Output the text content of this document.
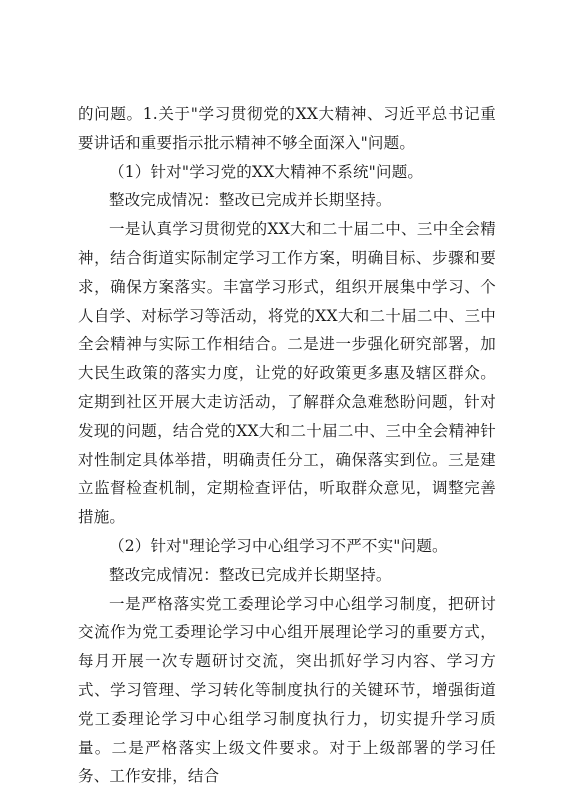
的问题。1.关于"学习贯彻党的XX大精神、习近平总书记重要讲话和重要指示批示精神不够全面深入"问题。

（1）针对"学习党的XX大精神不系统"问题。

整改完成情况：整改已完成并长期坚持。

一是认真学习贯彻党的XX大和二十届二中、三中全会精神，结合街道实际制定学习工作方案，明确目标、步骤和要求，确保方案落实。丰富学习形式，组织开展集中学习、个人自学、对标学习等活动，将党的XX大和二十届二中、三中全会精神与实际工作相结合。二是进一步强化研究部署，加大民生政策的落实力度，让党的好政策更多惠及辖区群众。定期到社区开展大走访活动，了解群众急难愁盼问题，针对发现的问题，结合党的XX大和二十届二中、三中全会精神针对性制定具体举措，明确责任分工，确保落实到位。三是建立监督检查机制，定期检查评估，听取群众意见，调整完善措施。

（2）针对"理论学习中心组学习不严不实"问题。

整改完成情况：整改已完成并长期坚持。

一是严格落实党工委理论学习中心组学习制度，把研讨交流作为党工委理论学习中心组开展理论学习的重要方式，每月开展一次专题研讨交流，突出抓好学习内容、学习方式、学习管理、学习转化等制度执行的关键环节，增强街道党工委理论学习中心组学习制度执行力，切实提升学习质量。二是严格落实上级文件要求。对于上级部署的学习任务、工作安排，结合
